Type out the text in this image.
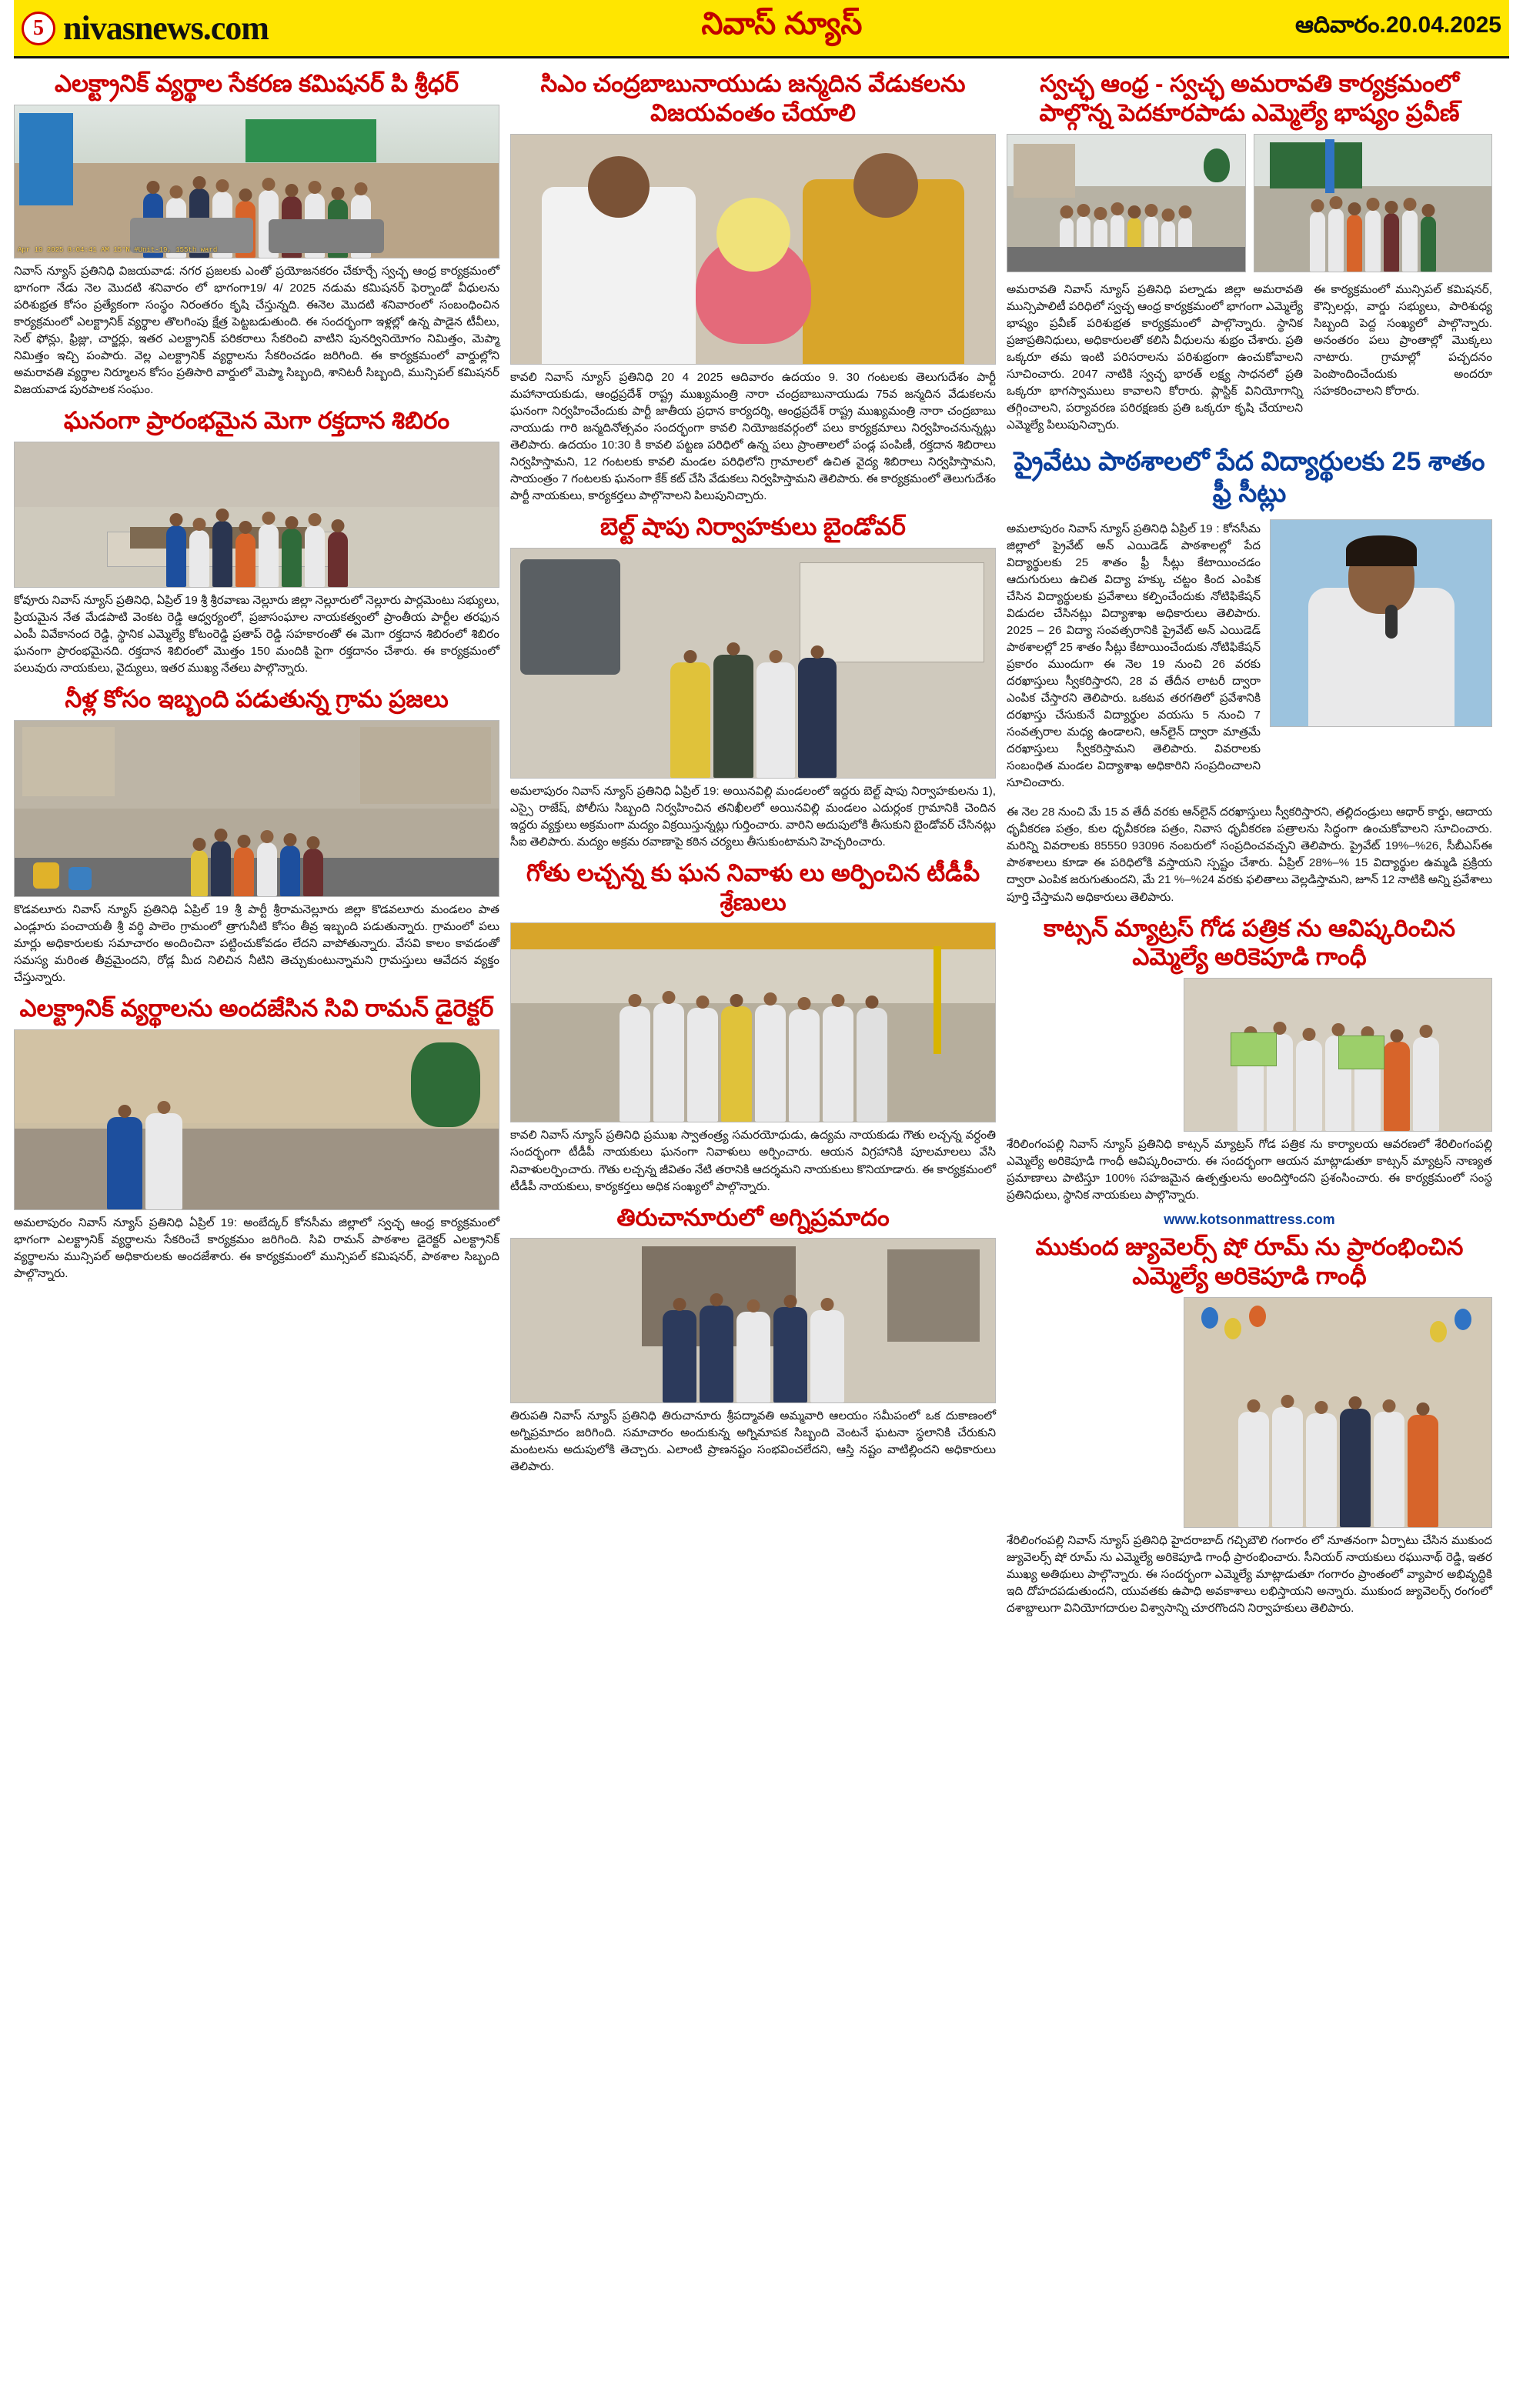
5 nivasnews.com	నివాస్ న్యూస్	ఆదివారం.20.04.2025
ఎలక్ట్రానిక్ వ్యర్థాల సేకరణ కమిషనర్ పి శ్రీధర్
Apr 19 2025 8:04:41 AM 15°N #Unit-19, 155th ward

నివాస్ న్యూస్ ప్రతినిధి విజయవాడ: నగర ప్రజలకు ఎంతో ప్రయోజనకరం చేకూర్చే స్వచ్ఛ ఆంధ్ర కార్యక్రమంలో భాగంగా నేడు నెల మొదటి శనివారం లో భాగంగా19/ 4/ 2025 నడుమ కమిషనర్ ఫెర్నాండో వీధులను పరిశుభ్రత కోసం ప్రత్యేకంగా సంస్థం నిరంతరం కృషి చేస్తున్నది. ఈనెల మొదటి శనివారంలో సంబంధించిన కార్యక్రమంలో ఎలక్ట్రానిక్ వ్యర్థాల తొలగింపు క్షేత్ర పెట్టబడుతుంది. ఈ సందర్భంగా ఇళ్లల్లో ఉన్న పాడైన టీవీలు, సెల్ ఫోన్లు, ఫ్రిజ్లు, చార్జర్లు, ఇతర ఎలక్ట్రానిక్ పరికరాలు సేకరించి వాటిని పునర్వినియోగం నిమిత్తం, మెప్మా నిమిత్తం ఇచ్చి పంపారు. వెల్ల ఎలక్ట్రానిక్ వ్యర్థాలను సేకరించడం జరిగింది. ఈ కార్యక్రమంలో వార్డుల్లోని అమరావతి వ్యర్థాల నిర్మూలన కోసం ప్రతిసారి వార్డులో మెప్మా సిబ్బంది, శానిటరీ సిబ్బంది, మున్సిపల్ కమిషనర్ విజయవాడ పురపాలక సంఘం.

ఘనంగా ప్రారంభమైన మెగా రక్తదాన శిబిరం

కోవూరు నివాస్ న్యూస్ ప్రతినిధి, ఏప్రిల్ 19 శ్రీ శ్రీరవాణు నెల్లూరు జిల్లా నెల్లూరులో నెల్లూరు పార్లమెంటు సభ్యులు, ప్రియమైన నేత మేడపాటి వెంకట రెడ్డి ఆధ్వర్యంలో, ప్రజాసంఘాల నాయకత్వంలో ప్రాంతీయ పార్టీల తరఫున ఎంపీ వివేకానంద రెడ్డి, స్థానిక ఎమ్మెల్యే కోటంరెడ్డి ప్రతాప్ రెడ్డి సహకారంతో ఈ మెగా రక్తదాన శిబిరంలో శిబిరం ఘనంగా ప్రారంభమైనది. రక్తదాన శిబిరంలో మొత్తం 150 మందికి పైగా రక్తదానం చేశారు. ఈ కార్యక్రమంలో పలువురు నాయకులు, వైద్యులు, ఇతర ముఖ్య నేతలు పాల్గొన్నారు.

నీళ్ల కోసం ఇబ్బంది పడుతున్న గ్రామ ప్రజలు

కొడవలూరు నివాస్ న్యూస్ ప్రతినిధి ఏప్రిల్ 19 శ్రీ పార్టీ శ్రీరామనెల్లూరు జిల్లా కొడవలూరు మండలం పాత ఎండ్లూరు పంచాయతీ శ్రీ వర్ధి పాలెం గ్రామంలో త్రాగునీటి కోసం తీవ్ర ఇబ్బంది పడుతున్నారు. గ్రామంలో పలు మార్లు అధికారులకు సమాచారం అందించినా పట్టించుకోవడం లేదని వాపోతున్నారు. వేసవి కాలం కావడంతో సమస్య మరింత తీవ్రమైందని, రోడ్ల మీద నిలిచిన నీటిని తెచ్చుకుంటున్నామని గ్రామస్తులు ఆవేదన వ్యక్తం చేస్తున్నారు.

ఎలక్ట్రానిక్ వ్యర్థాలను అందజేసిన సివి రామన్ డైరెక్టర్

అమలాపురం నివాస్ న్యూస్ ప్రతినిధి ఏప్రిల్ 19: అంబేద్కర్ కోనసీమ జిల్లాలో స్వచ్ఛ ఆంధ్ర కార్యక్రమంలో భాగంగా ఎలక్ట్రానిక్ వ్యర్థాలను సేకరించే కార్యక్రమం జరిగింది. సివి రామన్ పాఠశాల డైరెక్టర్ ఎలక్ట్రానిక్ వ్యర్థాలను మున్సిపల్ అధికారులకు అందజేశారు. ఈ కార్యక్రమంలో మున్సిపల్ కమిషనర్, పాఠశాల సిబ్బంది పాల్గొన్నారు.

సిఎం చంద్రబాబునాయుడు జన్మదిన వేడుకలను విజయవంతం చేయాలి

కావలి నివాస్ న్యూస్ ప్రతినిధి 20 4 2025 ఆదివారం ఉదయం 9. 30 గంటలకు తెలుగుదేశం పార్టీ మహానాయకుడు, ఆంధ్రప్రదేశ్ రాష్ట్ర ముఖ్యమంత్రి నారా చంద్రబాబునాయుడు 75వ జన్మదిన వేడుకలను ఘనంగా నిర్వహించేందుకు పార్టీ జాతీయ ప్రధాన కార్యదర్శి, ఆంధ్రప్రదేశ్ రాష్ట్ర ముఖ్యమంత్రి నారా చంద్రబాబు నాయుడు గారి జన్మదినోత్సవం సందర్భంగా కావలి నియోజకవర్గంలో పలు కార్యక్రమాలు నిర్వహించనున్నట్లు తెలిపారు. ఉదయం 10:30 కి కావలి పట్టణ పరిధిలో ఉన్న పలు ప్రాంతాలలో పండ్ల పంపిణీ, రక్తదాన శిబిరాలు నిర్వహిస్తామని, 12 గంటలకు కావలి మండల పరిధిలోని గ్రామాలలో ఉచిత వైద్య శిబిరాలు నిర్వహిస్తామని, సాయంత్రం 7 గంటలకు ఘనంగా కేక్ కట్ చేసి వేడుకలు నిర్వహిస్తామని తెలిపారు. ఈ కార్యక్రమంలో తెలుగుదేశం పార్టీ నాయకులు, కార్యకర్తలు పాల్గొనాలని పిలుపునిచ్చారు.

బెల్ట్ షాపు నిర్వాహకులు బైండోవర్

అమలాపురం నివాస్ న్యూస్ ప్రతినిధి ఏప్రిల్ 19: అయినవిల్లి మండలంలో ఇద్దరు బెల్ట్ షాపు నిర్వాహకులను 1), ఎస్సై రాజేష్, పోలీసు సిబ్బంది నిర్వహించిన తనిఖీలలో అయినవిల్లి మండలం ఎదుర్లంక గ్రామానికి చెందిన ఇద్దరు వ్యక్తులు అక్రమంగా మద్యం విక్రయిస్తున్నట్లు గుర్తించారు. వారిని అదుపులోకి తీసుకుని బైండోవర్ చేసినట్లు సీఐ తెలిపారు. మద్యం అక్రమ రవాణాపై కఠిన చర్యలు తీసుకుంటామని హెచ్చరించారు.

గోతు లచ్చన్న కు ఘన నివాళు లు అర్పించిన టీడీపీ శ్రేణులు

కావలి నివాస్ న్యూస్ ప్రతినిధి ప్రముఖ స్వాతంత్ర్య సమరయోధుడు, ఉద్యమ నాయకుడు గౌతు లచ్చన్న వర్ధంతి సందర్భంగా టీడీపీ నాయకులు ఘనంగా నివాళులు అర్పించారు. ఆయన విగ్రహానికి పూలమాలలు వేసి నివాళులర్పించారు. గౌతు లచ్చన్న జీవితం నేటి తరానికి ఆదర్శమని నాయకులు కొనియాడారు. ఈ కార్యక్రమంలో టీడీపీ నాయకులు, కార్యకర్తలు అధిక సంఖ్యలో పాల్గొన్నారు.

తిరుచానూరులో అగ్నిప్రమాదం

తిరుపతి నివాస్ న్యూస్ ప్రతినిధి తిరుచానూరు శ్రీపద్మావతి అమ్మవారి ఆలయం సమీపంలో ఒక దుకాణంలో అగ్నిప్రమాదం జరిగింది. సమాచారం అందుకున్న అగ్నిమాపక సిబ్బంది వెంటనే ఘటనా స్థలానికి చేరుకుని మంటలను అదుపులోకి తెచ్చారు. ఎలాంటి ప్రాణనష్టం సంభవించలేదని, ఆస్తి నష్టం వాటిల్లిందని అధికారులు తెలిపారు.

స్వచ్ఛ ఆంధ్ర - స్వచ్ఛ అమరావతి కార్యక్రమంలో పాల్గొన్న పెదకూరపాడు ఎమ్మెల్యే భాష్యం ప్రవీణ్

అమరావతి నివాస్ న్యూస్ ప్రతినిధి పల్నాడు జిల్లా అమరావతి మున్సిపాలిటీ పరిధిలో స్వచ్ఛ ఆంధ్ర కార్యక్రమంలో భాగంగా ఎమ్మెల్యే భాష్యం ప్రవీణ్ పరిశుభ్రత కార్యక్రమంలో పాల్గొన్నారు. స్థానిక ప్రజాప్రతినిధులు, అధికారులతో కలిసి వీధులను శుభ్రం చేశారు. ప్రతి ఒక్కరూ తమ ఇంటి పరిసరాలను పరిశుభ్రంగా ఉంచుకోవాలని సూచించారు. 2047 నాటికి స్వచ్ఛ భారత్ లక్ష్య సాధనలో ప్రతి ఒక్కరూ భాగస్వాములు కావాలని కోరారు. ప్లాస్టిక్ వినియోగాన్ని తగ్గించాలని, పర్యావరణ పరిరక్షణకు ప్రతి ఒక్కరూ కృషి చేయాలని ఎమ్మెల్యే పిలుపునిచ్చారు.

ఈ కార్యక్రమంలో మున్సిపల్ కమిషనర్, కౌన్సిలర్లు, వార్డు సభ్యులు, పారిశుధ్య సిబ్బంది పెద్ద సంఖ్యలో పాల్గొన్నారు. అనంతరం పలు ప్రాంతాల్లో మొక్కలు నాటారు. గ్రామాల్లో పచ్చదనం పెంపొందించేందుకు అందరూ సహకరించాలని కోరారు.

ప్రైవేటు పాఠశాలలో పేద విద్యార్థులకు 25 శాతం ఫ్రీ సీట్లు

అమలాపురం నివాస్ న్యూస్ ప్రతినిధి ఏప్రిల్ 19 : కోనసీమ జిల్లాలో ప్రైవేట్ అన్ ఎయిడెడ్ పాఠశాలల్లో పేద విద్యార్థులకు 25 శాతం ఫ్రీ సీట్లు కేటాయించడం ఆదుగురులు ఉచిత విద్యా హక్కు చట్టం కింద ఎంపిక చేసిన విద్యార్థులకు ప్రవేశాలు కల్పించేందుకు నోటిఫికేషన్ విడుదల చేసినట్లు విద్యాశాఖ అధికారులు తెలిపారు. 2025 – 26 విద్యా సంవత్సరానికి ప్రైవేట్ అన్ ఎయిడెడ్ పాఠశాలల్లో 25 శాతం సీట్లు కేటాయించేందుకు నోటిఫికేషన్ ప్రకారం ముందుగా ఈ నెల 19 నుంచి 26 వరకు దరఖాస్తులు స్వీకరిస్తారని, 28 వ తేదీన లాటరీ ద్వారా ఎంపిక చేస్తారని తెలిపారు. ఒకటవ తరగతిలో ప్రవేశానికి దరఖాస్తు చేసుకునే విద్యార్థుల వయసు 5 నుంచి 7 సంవత్సరాల మధ్య ఉండాలని, ఆన్‌లైన్ ద్వారా మాత్రమే దరఖాస్తులు స్వీకరిస్తామని తెలిపారు. వివరాలకు సంబంధిత మండల విద్యాశాఖ అధికారిని సంప్రదించాలని సూచించారు.

ఈ నెల 28 నుంచి మే 15 వ తేదీ వరకు ఆన్‌లైన్ దరఖాస్తులు స్వీకరిస్తారని, తల్లిదండ్రులు ఆధార్ కార్డు, ఆదాయ ధృవీకరణ పత్రం, కుల ధృవీకరణ పత్రం, నివాస ధృవీకరణ పత్రాలను సిద్ధంగా ఉంచుకోవాలని సూచించారు. మరిన్ని వివరాలకు 85550 93096 నంబరులో సంప్రదించవచ్చని తెలిపారు. ప్రైవేట్ 19%–%26, సీబీఎస్ఈ పాఠశాలలు కూడా ఈ పరిధిలోకి వస్తాయని స్పష్టం చేశారు. ఏప్రిల్ 28%–% 15 విద్యార్థుల ఉమ్మడి ప్రక్రియ ద్వారా ఎంపిక జరుగుతుందని, మే 21 %–%24 వరకు ఫలితాలు వెల్లడిస్తామని, జూన్ 12 నాటికి అన్ని ప్రవేశాలు పూర్తి చేస్తామని అధికారులు తెలిపారు.

కాట్సన్ మ్యాట్రస్ గోడ పత్రిక ను ఆవిష్కరించిన ఎమ్మెల్యే అరికెపూడి గాంధీ

శేరిలింగంపల్లి నివాస్ న్యూస్ ప్రతినిధి కాట్సన్ మ్యాట్రస్ గోడ పత్రిక ను కార్యాలయ ఆవరణలో శేరిలింగంపల్లి ఎమ్మెల్యే అరికెపూడి గాంధీ ఆవిష్కరించారు. ఈ సందర్భంగా ఆయన మాట్లాడుతూ కాట్సన్ మ్యాట్రస్ నాణ్యత ప్రమాణాలు పాటిస్తూ 100% సహజమైన ఉత్పత్తులను అందిస్తోందని ప్రశంసించారు. ఈ కార్యక్రమంలో సంస్థ ప్రతినిధులు, స్థానిక నాయకులు పాల్గొన్నారు.

www.kotsonmattress.com
ముకుంద జ్యువెలర్స్ షో రూమ్ ను ప్రారంభించిన ఎమ్మెల్యే అరికెపూడి గాంధీ

శేరిలింగంపల్లి నివాస్ న్యూస్ ప్రతినిధి హైదరాబాద్ గచ్చిబౌలి గంగారం లో నూతనంగా ఏర్పాటు చేసిన ముకుంద జ్యువెలర్స్ షో రూమ్ ను ఎమ్మెల్యే అరికెపూడి గాంధీ ప్రారంభించారు. సీనియర్ నాయకులు రఘునాథ్ రెడ్డి, ఇతర ముఖ్య అతిథులు పాల్గొన్నారు. ఈ సందర్భంగా ఎమ్మెల్యే మాట్లాడుతూ గంగారం ప్రాంతంలో వ్యాపార అభివృద్ధికి ఇది దోహదపడుతుందని, యువతకు ఉపాధి అవకాశాలు లభిస్తాయని అన్నారు. ముకుంద జ్యువెలర్స్ రంగంలో దశాబ్దాలుగా వినియోగదారుల విశ్వాసాన్ని చూరగొందని నిర్వాహకులు తెలిపారు.
